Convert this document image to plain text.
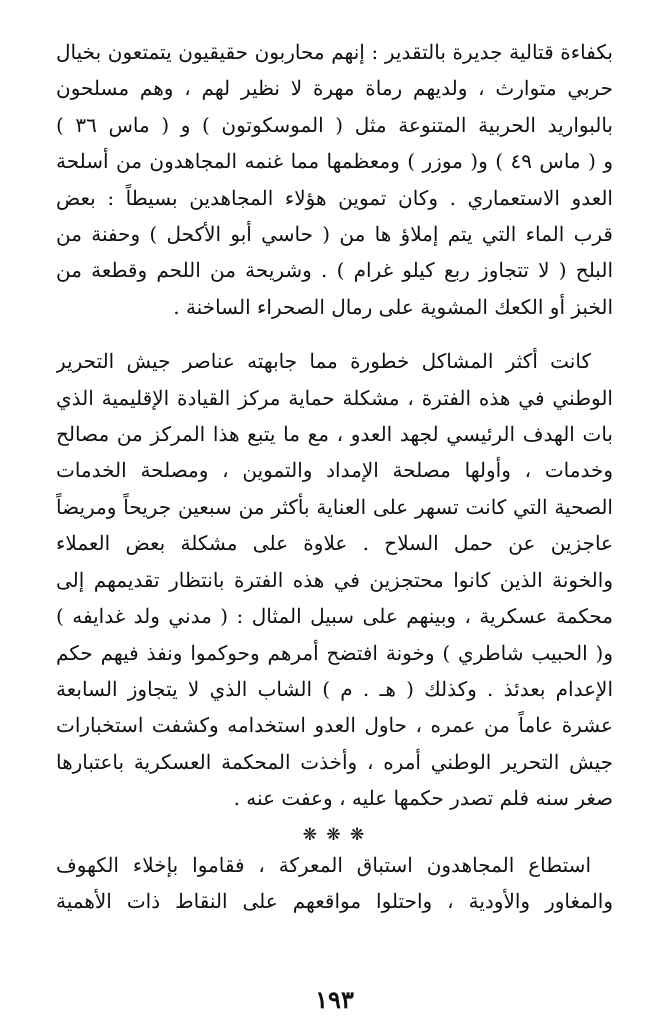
بكفاءة قتالية جديرة بالتقدير : إنهم محاربون حقيقيون يتمتعون بخيال
حربي متوارث ، ولديهم رماة مهرة لا نظير لهم ، وهم مسلحون
بالبواريد الحربية المتنوعة مثل ( الموسكوتون ) و ( ماس ٣٦ )
و ( ماس ٤٩ ) و( موزر ) ومعظمها مما غنمه المجاهدون من أسلحة
العدو الاستعماري . وكان تموين هؤلاء المجاهدين بسيطاً : بعض
قرب الماء التي يتم إملاؤ ها من ( حاسي أبو الأكحل ) وحفنة من
البلح ( لا تتجاوز ربع كيلو غرام ) . وشريحة من اللحم وقطعة من
الخبز أو الكعك المشوية على رمال الصحراء الساخنة .
كانت أكثر المشاكل خطورة مما جابهته عناصر جيش التحرير
الوطني في هذه الفترة ، مشكلة حماية مركز القيادة الإقليمية الذي
بات الهدف الرئيسي لجهد العدو ، مع ما يتبع هذا المركز من مصالح
وخدمات ، وأولها مصلحة الإمداد والتموين ، ومصلحة الخدمات
الصحية التي كانت تسهر على العناية بأكثر من سبعين جريحاً ومريضاً
عاجزين عن حمل السلاح . علاوة على مشكلة بعض العملاء
والخونة الذين كانوا محتجزين في هذه الفترة بانتظار تقديمهم إلى
محكمة عسكرية ، وبينهم على سبيل المثال : ( مدني ولد غدايفه )
و( الحبيب شاطري ) وخونة افتضح أمرهم وحوكموا ونفذ فيهم حكم
الإعدام بعدئذ . وكذلك ( هـ . م ) الشاب الذي لا يتجاوز السابعة
عشرة عاماً من عمره ، حاول العدو استخدامه وكشفت استخبارات
جيش التحرير الوطني أمره ، وأخذت المحكمة العسكرية باعتبارها
صغر سنه فلم تصدر حكمها عليه ، وعفت عنه .
❋ ❋ ❋
استطاع المجاهدون استباق المعركة ، فقاموا بإخلاء الكهوف
والمغاور والأودية ، واحتلوا مواقعهم على النقاط ذات الأهمية
١٩٣
